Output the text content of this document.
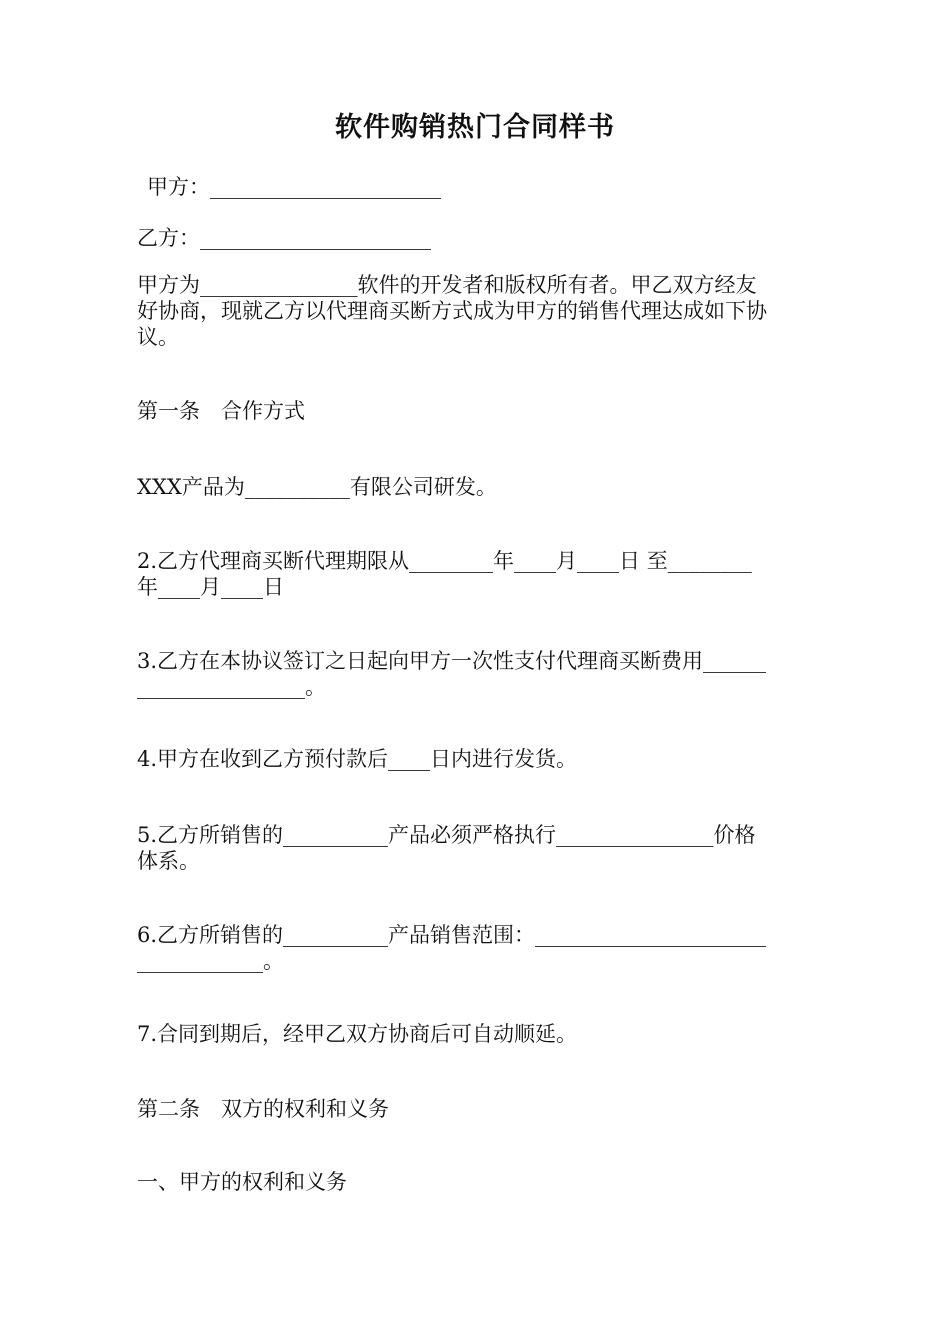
软件购销热门合同样书

甲方：______________________

乙方：______________________

甲方为_______________软件的开发者和版权所有者。甲乙双方经友

好协商，现就乙方以代理商买断方式成为甲方的销售代理达成如下协

议。

第一条　合作方式

XXX产品为__________有限公司研发。

2.乙方代理商买断代理期限从________年____月____日 至________

年____月____日

3.乙方在本协议签订之日起向甲方一次性支付代理商买断费用______

________________。

4.甲方在收到乙方预付款后____日内进行发货。

5.乙方所销售的__________产品必须严格执行_______________价格

体系。

6.乙方所销售的__________产品销售范围：______________________

____________。

7.合同到期后，经甲乙双方协商后可自动顺延。

第二条　双方的权利和义务

一、甲方的权利和义务
